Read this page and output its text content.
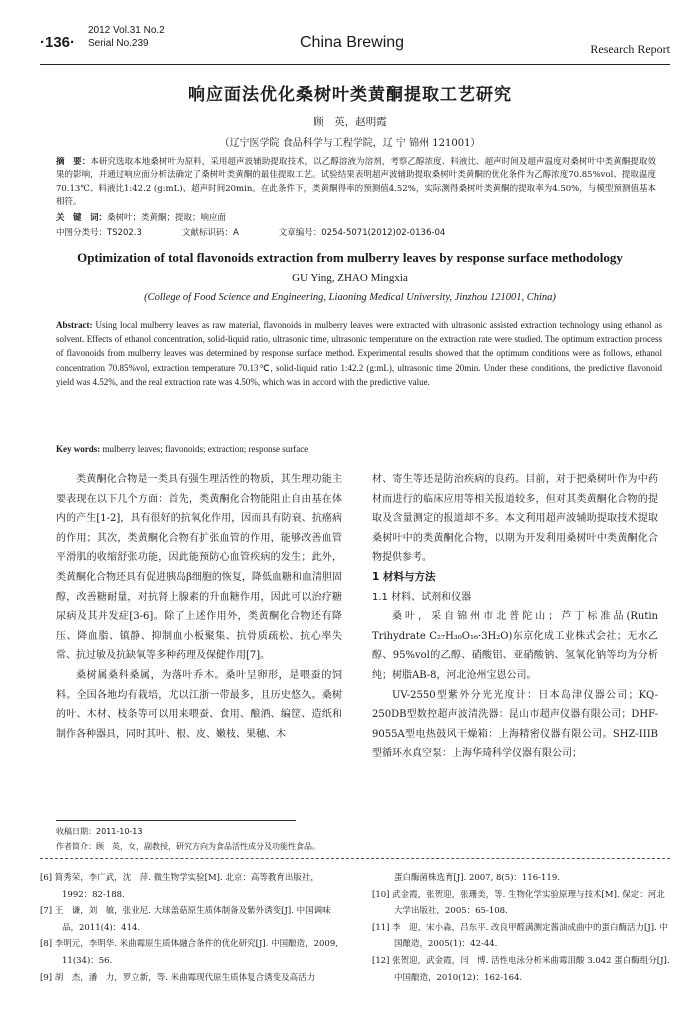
·136·
2012 Vol.31 No.2
Serial No.239	China Brewing	Research Report
响应面法优化桑树叶类黄酮提取工艺研究
顾　英，赵明霞
（辽宁医学院 食品科学与工程学院，辽 宁 锦州 121001）
摘　要：本研究选取本地桑树叶为原料，采用超声波辅助提取技术，以乙醇溶液为溶剂，考察乙醇浓度、料液比、超声时间及超声温度对桑树叶中类黄酮提取效果的影响，并通过响应面分析法确定了桑树叶类黄酮的最佳提取工艺。试验结果表明超声波辅助提取桑树叶类黄酮的优化条件为乙醇浓度70.85%vol、提取温度70.13℃、料液比1:42.2 (g:mL)、超声时间20min。在此条件下，类黄酮得率的预测值4.52%，实际测得桑树叶类黄酮的提取率为4.50%，与模型预测值基本相符。
关　键　词：桑树叶；类黄酮；提取；响应面
中图分类号：TS202.3	文献标识码：A	文章编号：0254-5071(2012)02-0136-04
Optimization of total flavonoids extraction from mulberry leaves by response surface methodology
GU Ying, ZHAO Mingxia
(College of Food Science and Engineering, Liaoning Medical University, Jinzhou 121001, China)
Abstract: Using local mulberry leaves as raw material, flavonoids in mulberry leaves were extracted with ultrasonic assisted extraction technology using ethanol as solvent. Effects of ethanol concentration, solid-liquid ratio, ultrasonic time, ultrasonic temperature on the extraction rate were studied. The optimum extraction process of flavonoids from mulberry leaves was determined by response surface method. Experimental results showed that the optimum conditions were as follows, ethanol concentration 70.85%vol, extraction temperature 70.13℃, solid-liquid ratio 1:42.2 (g:mL), ultrasonic time 20min. Under these conditions, the predictive flavonoid yield was 4.52%, and the real extraction rate was 4.50%, which was in accord with the predictive value.
Key words: mulberry leaves; flavonoids; extraction; response surface

类黄酮化合物是一类具有强生理活性的物质，其生理功能主要表现在以下几个方面：首先，类黄酮化合物能阻止自由基在体内的产生[1-2]，具有很好的抗氧化作用，因而具有防衰、抗癌病的作用；其次，类黄酮化合物有扩张血管的作用，能够改善血管平滑肌的收缩舒张功能，因此能预防心血管疾病的发生；此外，类黄酮化合物还具有促进胰岛β细胞的恢复，降低血糖和血清胆固醇，改善糖耐量，对抗肾上腺素的升血糖作用，因此可以治疗糖尿病及其并发症[3-6]。除了上述作用外，类黄酮化合物还有降压、降血脂、镇静、抑制血小板聚集、抗骨质疏松、抗心率失常、抗过敏及抗缺氧等多种药理及保健作用[7]。

桑树属桑科桑属，为落叶乔木。桑叶呈卵形，是喂蚕的饲料。全国各地均有栽培，尤以江浙一带最多，且历史悠久。桑树的叶、木材、枝条等可以用来喂蚕、食用、酿酒、编筐、造纸和制作各种器具，同时其叶、根、皮、嫩枝、果穗、木

材、寄生等还是防治疾病的良药。目前，对于把桑树叶作为中药材而进行的临床应用等相关报道较多，但对其类黄酮化合物的提取及含量测定的报道却不多。本文利用超声波辅助提取技术提取桑树叶中的类黄酮化合物，以期为开发利用桑树叶中类黄酮化合物提供参考。

1 材料与方法

1.1 材料、试剂和仪器

桑叶，采自锦州市北普陀山；芦丁标准品(Rutin Trihydrate C₂₇H₃₀O₁₆·3H₂O)东京化成工业株式会社；无水乙醇、95%vol的乙醇、硝酸铝、亚硝酸钠、氢氧化钠等均为分析纯；树脂AB-8，河北沧州宝恩公司。

UV-2550型紫外分光光度计：日本岛津仪器公司；KQ-250DB型数控超声波清洗器：昆山市超声仪器有限公司；DHF-9055A型电热鼓风干燥箱：上海精密仪器有限公司。SHZ-IIIB型循环水真空泵：上海华琦科学仪器有限公司；

收稿日期：2011-10-13
作者简介：顾　英，女，副教授，研究方向为食品活性成分及功能性食品。
[6] 简秀荣，李广武，沈　萍. 微生物学实验[M]. 北京：高等教育出版社，1992：82-188.
[7] 王　谦，刘　敏，张业尼. 大球盖菇原生质体制备及紫外诱变[J]. 中国调味品，2011(4)：414.
[8] 李明元，李明华. 米曲霉原生质体融合条件的优化研究[J]. 中国酿造，2009, 11(34)：56.
[9] 胡　杰，潘　力，罗立新，等. 米曲霉现代原生质体复合诱变及高活力
蛋白酶菌株选育[J]. 2007, 8(5)：116-119.
[10] 武金霞，张贺迎，张珊美，等. 生物化学实验原理与技术[M]. 保定：河北大学出版社，2005：65-108.
[11] 李　迎，宋小淼，吕东平. 改良甲醛满测定酱油成曲中的蛋白酶活力[J]. 中国酿造，2005(1)：42-44.
[12] 张贺迎，武金霞，闫　博. 活性电泳分析米曲霉泪酸 3.042 蛋白酶组分[J]. 中国酿造，2010(12)：162-164.
